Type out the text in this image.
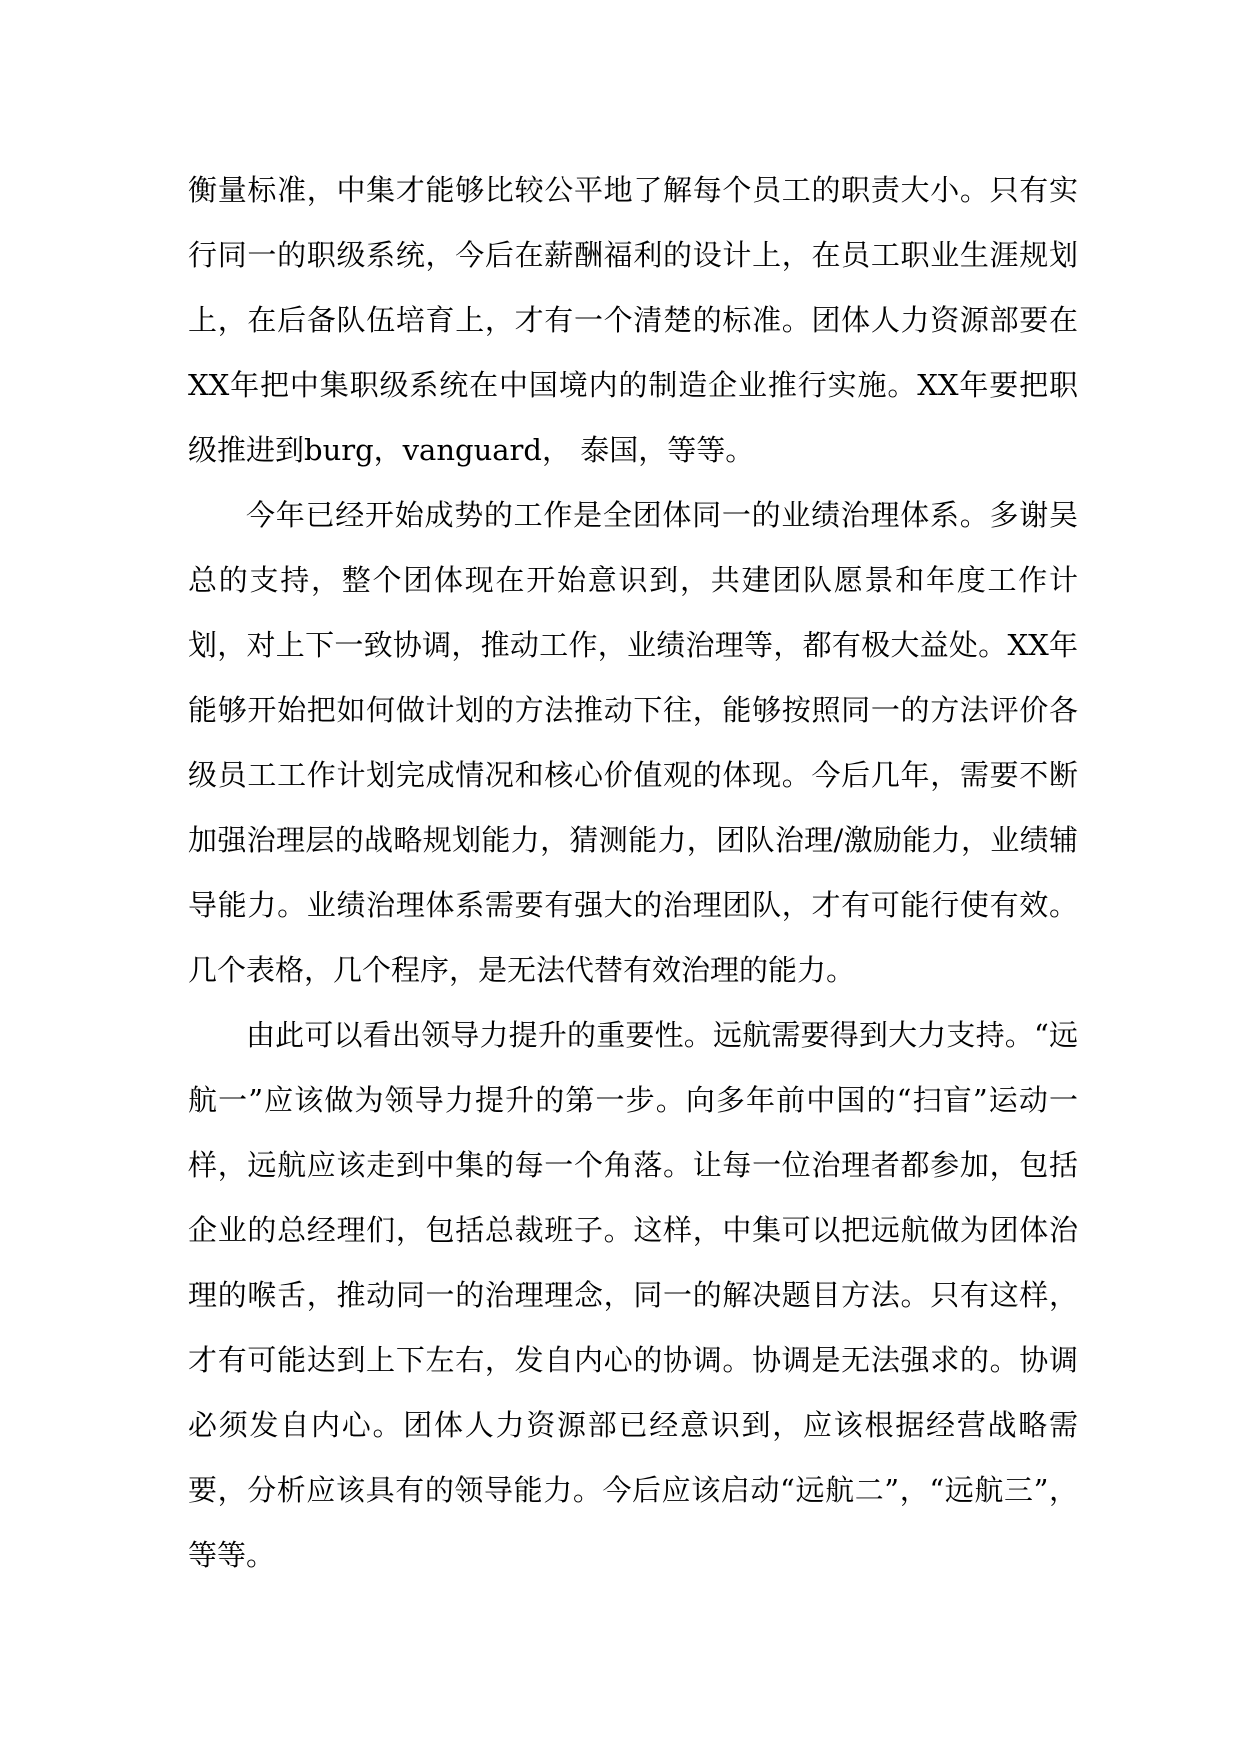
衡量标准，中集才能够比较公平地了解每个员工的职责大小。只有实行同一的职级系统，今后在薪酬福利的设计上，在员工职业生涯规划上，在后备队伍培育上，才有一个清楚的标准。团体人力资源部要在XX年把中集职级系统在中国境内的制造企业推行实施。XX年要把职级推进到burg，vanguard， 泰国，等等。

今年已经开始成势的工作是全团体同一的业绩治理体系。多谢吴总的支持，整个团体现在开始意识到，共建团队愿景和年度工作计划，对上下一致协调，推动工作，业绩治理等，都有极大益处。XX年能够开始把如何做计划的方法推动下往，能够按照同一的方法评价各级员工工作计划完成情况和核心价值观的体现。今后几年，需要不断加强治理层的战略规划能力，猜测能力，团队治理/激励能力，业绩辅导能力。业绩治理体系需要有强大的治理团队，才有可能行使有效。几个表格，几个程序，是无法代替有效治理的能力。

由此可以看出领导力提升的重要性。远航需要得到大力支持。“远航一”应该做为领导力提升的第一步。向多年前中国的“扫盲”运动一样，远航应该走到中集的每一个角落。让每一位治理者都参加，包括企业的总经理们，包括总裁班子。这样，中集可以把远航做为团体治理的喉舌，推动同一的治理理念，同一的解决题目方法。只有这样，才有可能达到上下左右，发自内心的协调。协调是无法强求的。协调必须发自内心。团体人力资源部已经意识到，应该根据经营战略需要，分析应该具有的领导能力。今后应该启动“远航二”，“远航三”，等等。
